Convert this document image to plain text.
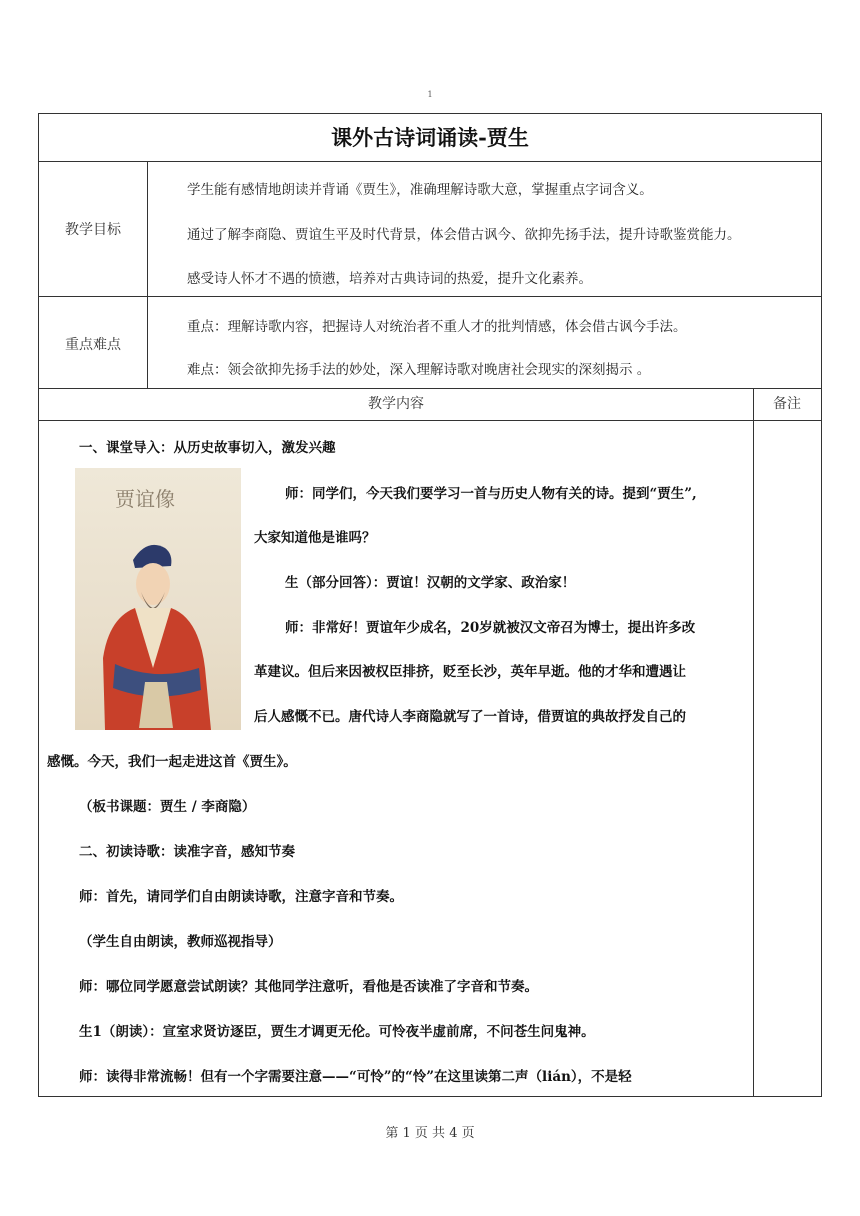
1
课外古诗词诵读-贾生
教学目标
学生能有感情地朗读并背诵《贾生》，准确理解诗歌大意，掌握重点字词含义。
通过了解李商隐、贾谊生平及时代背景，体会借古讽今、欲抑先扬手法，提升诗歌鉴赏能力。
感受诗人怀才不遇的愤懑，培养对古典诗词的热爱，提升文化素养。
重点难点
重点：理解诗歌内容，把握诗人对统治者不重人才的批判情感，体会借古讽今手法。
难点：领会欲抑先扬手法的妙处，深入理解诗歌对晚唐社会现实的深刻揭示 。
教学内容	备注
一、课堂导入：从历史故事切入，激发兴趣
贾谊像	师：同学们，今天我们要学习一首与历史人物有关的诗。提到“贾生”,
大家知道他是谁吗？
生（部分回答）：贾谊！汉朝的文学家、政治家！
师：非常好！贾谊年少成名，20岁就被汉文帝召为博士，提出许多改
革建议。但后来因被权臣排挤，贬至长沙，英年早逝。他的才华和遭遇让
后人感慨不已。唐代诗人李商隐就写了一首诗，借贾谊的典故抒发自己的
感慨。今天，我们一起走进这首《贾生》。
（板书课题：贾生 / 李商隐）
二、初读诗歌：读准字音，感知节奏
师：首先，请同学们自由朗读诗歌，注意字音和节奏。
（学生自由朗读，教师巡视指导）
师：哪位同学愿意尝试朗读？其他同学注意听，看他是否读准了字音和节奏。
生1（朗读）：宣室求贤访逐臣，贾生才调更无伦。可怜夜半虚前席，不问苍生问鬼神。
师：读得非常流畅！但有一个字需要注意——“可怜”的“怜”在这里读第二声（lián），不是轻
第 1 页 共 4 页
